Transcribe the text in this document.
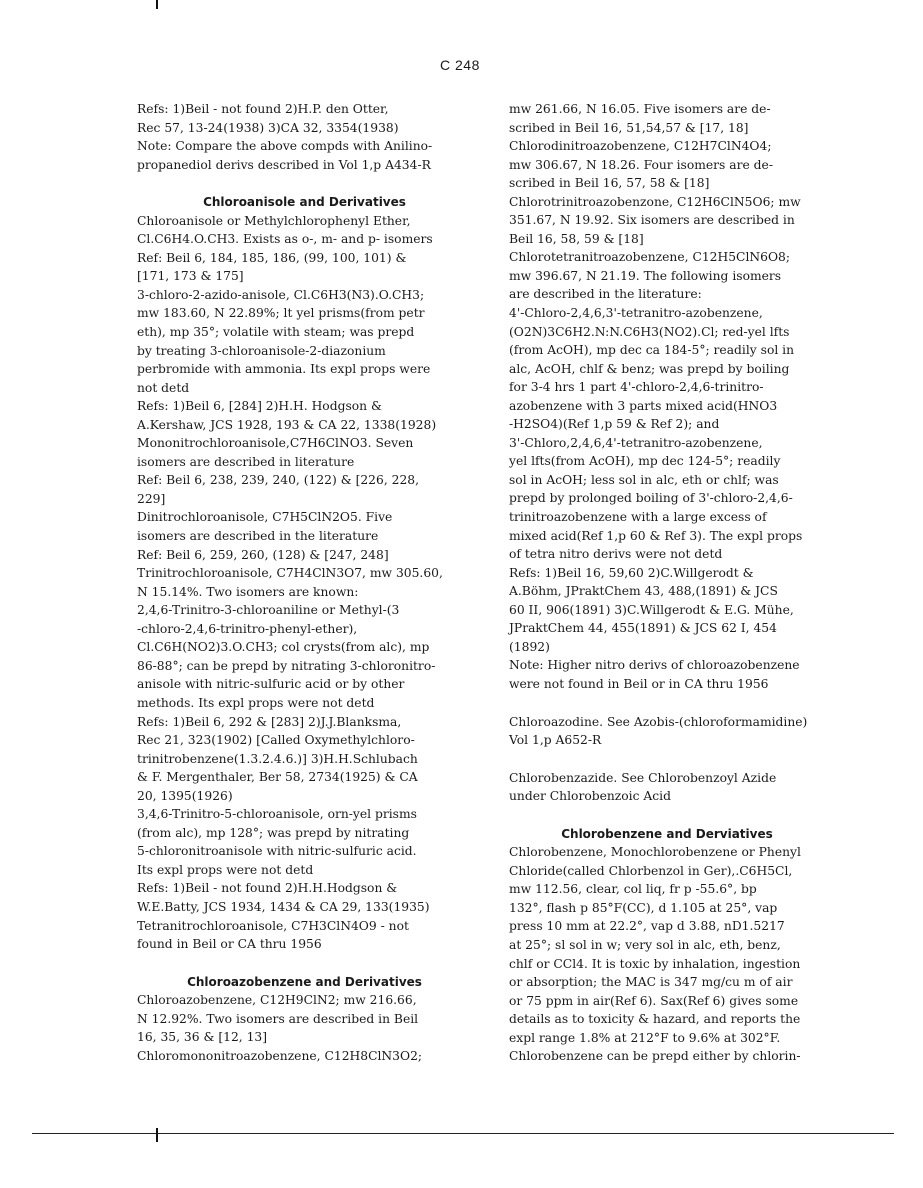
C 248

Refs: 1)Beil - not found 2)H.P. den Otter,
Rec 57, 13-24(1938) 3)CA 32, 3354(1938)
Note: Compare the above compds with Anilino-
propanediol derivs described in Vol 1,p A434-R

Chloroanisole and Derivatives

Chloroanisole or Methylchlorophenyl Ether,
Cl.C6H4.O.CH3. Exists as o-, m- and p- isomers
Ref: Beil 6, 184, 185, 186, (99, 100, 101) &
[171, 173 & 175]
3-chloro-2-azido-anisole, Cl.C6H3(N3).O.CH3;
mw 183.60, N 22.89%; lt yel prisms(from petr
eth), mp 35°; volatile with steam; was prepd
by treating 3-chloroanisole-2-diazonium
perbromide with ammonia. Its expl props were
not detd
Refs: 1)Beil 6, [284] 2)H.H. Hodgson &
A.Kershaw, JCS 1928, 193 & CA 22, 1338(1928)
Mononitrochloroanisole,C7H6ClNO3. Seven
isomers are described in literature
Ref: Beil 6, 238, 239, 240, (122) & [226, 228,
229]
Dinitrochloroanisole, C7H5ClN2O5. Five
isomers are described in the literature
Ref: Beil 6, 259, 260, (128) & [247, 248]
Trinitrochloroanisole, C7H4ClN3O7, mw 305.60,
N 15.14%. Two isomers are known:
2,4,6-Trinitro-3-chloroaniline or Methyl-(3
-chloro-2,4,6-trinitro-phenyl-ether),
Cl.C6H(NO2)3.O.CH3; col crysts(from alc), mp
86-88°; can be prepd by nitrating 3-chloronitro-
anisole with nitric-sulfuric acid or by other
methods. Its expl props were not detd
Refs: 1)Beil 6, 292 & [283] 2)J.J.Blanksma,
Rec 21, 323(1902) [Called Oxymethylchloro-
trinitrobenzene(1.3.2.4.6.)] 3)H.H.Schlubach
& F. Mergenthaler, Ber 58, 2734(1925) & CA
20, 1395(1926)
3,4,6-Trinitro-5-chloroanisole, orn-yel prisms
(from alc), mp 128°; was prepd by nitrating
5-chloronitroanisole with nitric-sulfuric acid.
Its expl props were not detd
Refs: 1)Beil - not found 2)H.H.Hodgson &
W.E.Batty, JCS 1934, 1434 & CA 29, 133(1935)
Tetranitrochloroanisole, C7H3ClN4O9 - not
found in Beil or CA thru 1956

Chloroazobenzene and Derivatives

Chloroazobenzene, C12H9ClN2; mw 216.66,
N 12.92%. Two isomers are described in Beil
16, 35, 36 & [12, 13]
Chloromononitroazobenzene, C12H8ClN3O2;

mw 261.66, N 16.05. Five isomers are de-
scribed in Beil 16, 51,54,57 & [17, 18]
Chlorodinitroazobenzene, C12H7ClN4O4;
mw 306.67, N 18.26. Four isomers are de-
scribed in Beil 16, 57, 58 & [18]
Chlorotrinitroazobenzone, C12H6ClN5O6; mw
351.67, N 19.92. Six isomers are described in
Beil 16, 58, 59 & [18]
Chlorotetranitroazobenzene, C12H5ClN6O8;
mw 396.67, N 21.19. The following isomers
are described in the literature:
4'-Chloro-2,4,6,3'-tetranitro-azobenzene,
(O2N)3C6H2.N:N.C6H3(NO2).Cl; red-yel lfts
(from AcOH), mp dec ca 184-5°; readily sol in
alc, AcOH, chlf & benz; was prepd by boiling
for 3-4 hrs 1 part 4'-chloro-2,4,6-trinitro-
azobenzene with 3 parts mixed acid(HNO3
-H2SO4)(Ref 1,p 59 & Ref 2); and
3'-Chloro,2,4,6,4'-tetranitro-azobenzene,
yel lfts(from AcOH), mp dec 124-5°; readily
sol in AcOH; less sol in alc, eth or chlf; was
prepd by prolonged boiling of 3'-chloro-2,4,6-
trinitroazobenzene with a large excess of
mixed acid(Ref 1,p 60 & Ref 3). The expl props
of tetra nitro derivs were not detd
Refs: 1)Beil 16, 59,60 2)C.Willgerodt &
A.Böhm, JPraktChem 43, 488,(1891) & JCS
60 II, 906(1891) 3)C.Willgerodt & E.G. Mühe,
JPraktChem 44, 455(1891) & JCS 62 I, 454
(1892)
Note: Higher nitro derivs of chloroazobenzene
were not found in Beil or in CA thru 1956

Chloroazodine. See Azobis-(chloroformamidine)
Vol 1,p A652-R

Chlorobenzazide. See Chlorobenzoyl Azide
under Chlorobenzoic Acid

Chlorobenzene and Derviatives

Chlorobenzene, Monochlorobenzene or Phenyl
Chloride(called Chlorbenzol in Ger),.C6H5Cl,
mw 112.56, clear, col liq, fr p -55.6°, bp
132°, flash p 85°F(CC), d 1.105 at 25°, vap
press 10 mm at 22.2°, vap d 3.88, nD1.5217
at 25°; sl sol in w; very sol in alc, eth, benz,
chlf or CCl4. It is toxic by inhalation, ingestion
or absorption; the MAC is 347 mg/cu m of air
or 75 ppm in air(Ref 6). Sax(Ref 6) gives some
details as to toxicity & hazard, and reports the
expl range 1.8% at 212°F to 9.6% at 302°F.
Chlorobenzene can be prepd either by chlorin-
